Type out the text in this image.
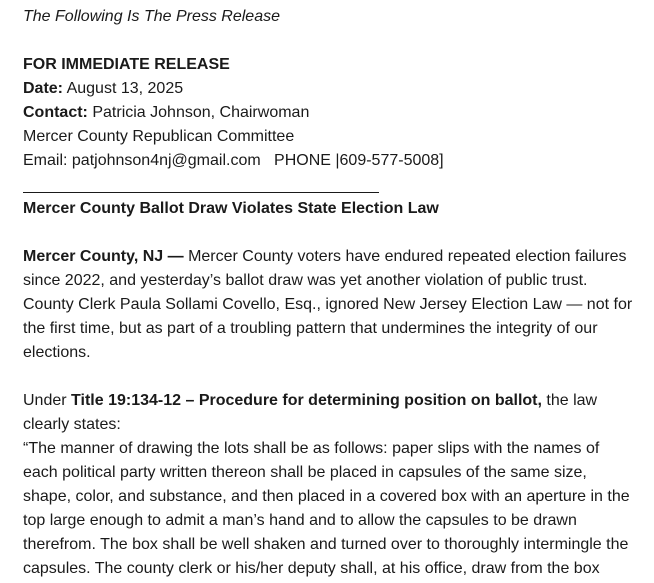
The Following Is The Press Release

FOR IMMEDIATE RELEASE
Date: August 13, 2025
Contact: Patricia Johnson, Chairwoman
Mercer County Republican Committee
Email: patjohnson4nj@gmail.com PHONE |609-577-5008]

Mercer County Ballot Draw Violates State Election Law

Mercer County, NJ — Mercer County voters have endured repeated election failures since 2022, and yesterday’s ballot draw was yet another violation of public trust. County Clerk Paula Sollami Covello, Esq., ignored New Jersey Election Law — not for the first time, but as part of a troubling pattern that undermines the integrity of our elections.

Under Title 19:134-12 – Procedure for determining position on ballot, the law clearly states:

“The manner of drawing the lots shall be as follows: paper slips with the names of each political party written thereon shall be placed in capsules of the same size, shape, color, and substance, and then placed in a covered box with an aperture in the top large enough to admit a man’s hand and to allow the capsules to be drawn therefrom. The box shall be well shaken and turned over to thoroughly intermingle the capsules. The county clerk or his/her deputy shall, at his office, draw from the box
